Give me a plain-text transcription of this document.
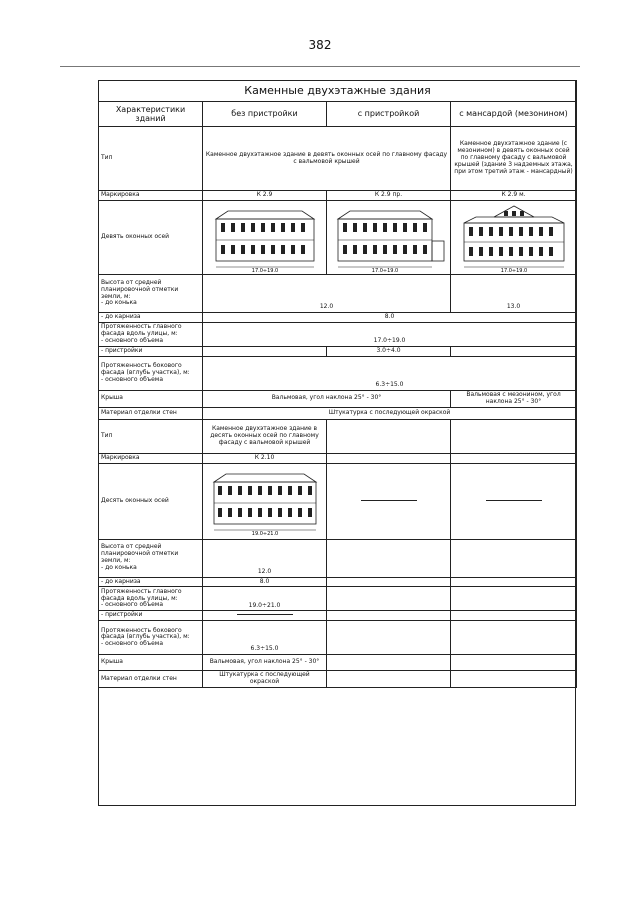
382
Каменные двухэтажные здания			
Характеристики зданий	без пристройки	с пристройкой	с мансардой (мезонином)
Тип	Каменное двухэтажное здание в девять оконных осей по главному фасаду с вальмовой крышей		Каменное двухэтажное здание (с мезонином) в девять оконных осей по главному фасаду с вальмовой крышей (здание 3 надземных этажа, при этом третий этаж - мансардный)
Маркировка	К 2.9	К 2.9 пр.	К 2.9 м.
Девять оконных осей	17.0÷19.0	17.0÷19.0	17.0÷19.0

Высота от средней планировочной отметки земли, м:
- до конька	12.0		13.0
- до карниза	8.0		
Протяженность главного фасада вдоль улицы, м:
- основного объема	17.0÷19.0		
- пристройки		3.0÷4.0	
Протяженность бокового фасада (вглубь участка), м:
- основного объема	6.3÷15.0		
Крыша	Вальмовая, угол наклона 25° - 30°		Вальмовая с мезонином, угол наклона 25° - 30°
Материал отделки стен	Штукатурка с последующей окраской		
Тип	Каменное двухэтажное здание в десять оконных осей по главному фасаду с вальмовой крышей		
Маркировка	К 2.10		
Десять оконных осей	19.0÷21.0		

Высота от средней планировочной отметки земли, м:
- до конька	12.0		
- до карниза	8.0		
Протяженность главного фасада вдоль улицы, м:
- основного объема	19.0÷21.0		
- пристройки			
Протяженность бокового фасада (вглубь участка), м:
- основного объема	6.3÷15.0		
Крыша	Вальмовая, угол наклона 25° - 30°		
Материал отделки стен	Штукатурка с последующей окраской		
